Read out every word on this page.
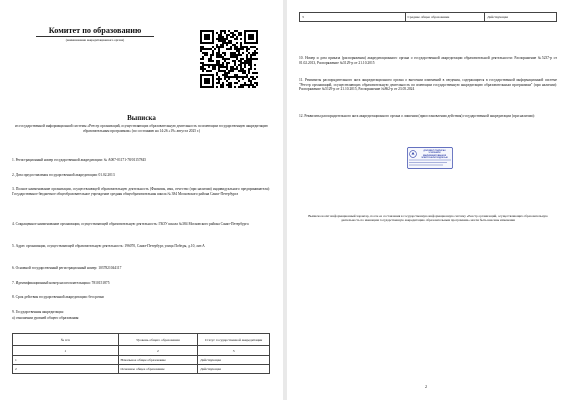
Комитет по образованию
(наименование аккредитационного органа)
Выписка
из государственной информационной системы «Реестр организаций, осуществляющих образовательную деятельность по имеющим государственную аккредитацию образовательным программам» (по состоянию на 14:26 «19» августа 2025 г.)
1. Регистрационный номер государственной аккредитации: № А007-01171-78/01157845
2. Дата предоставления государственной аккредитации: 01.02.2013
3. Полное наименование организации, осуществляющей образовательную деятельность (Фамилия, имя, отчество (при наличии) индивидуального предпринимателя): Государственное бюджетное общеобразовательное учреждение средняя общеобразовательная школа № 384 Московского района Санкт-Петербурга
4. Сокращенное наименование организации, осуществляющей образовательную деятельность: ГБОУ школа №384 Московского района Санкт-Петербурга
5. Адрес организации, осуществляющей образовательную деятельность: 196070, Санкт-Петербург, улица Победы, д.10, лит.А
6. Основной государственный регистрационный номер: 1037821044117
7. Идентификационный номер налогоплательщика: 7810151875
8. Срок действия государственной аккредитации: бессрочно
9. Государственная аккредитация:
а) отношении уровней общего образования:
№ п/п	Уровень общего образования	Статус государственной аккредитации
1	2	3
1	Начальное общее образование	Действующая
2	Основное общее образование	Действующая
3	Среднее общее образование	Действующая
10. Номер и дата приказа (распоряжения) аккредитационного органа о государственной аккредитации образовательной деятельности: Распоряжение №5237-р от 01.02.2013, Распоряжение №5129-р от 21.10.2015
11. Реквизиты распорядительного акта аккредитационного органа о внесении изменений в сведения, содержащиеся в государственной информационной системе "Реестр организаций, осуществляющих образовательную деятельность по имеющим государственную аккредитацию образовательным программам" (при наличии): Распоряжение №5129-р от 21.10.2015, Распоряжение №862-р от 23.05.2024
12. Реквизиты распорядительного акта аккредитационного органа о лишении (приостановлении действия) государственной аккредитации (при наличии):
ДОКУМЕНТ ПОДПИСАН УСИЛЕННОЙ КВАЛИФИЦИРОВАННОЙ ЭЛЕКТРОННОЙ ПОДПИСЬЮ
Выписка носит информационный характер, после ее составления в государственную информационную систему «Реестр организаций, осуществляющих образовательную деятельность по имеющим государственную аккредитацию образовательным программам» могли быть внесены изменения
2
